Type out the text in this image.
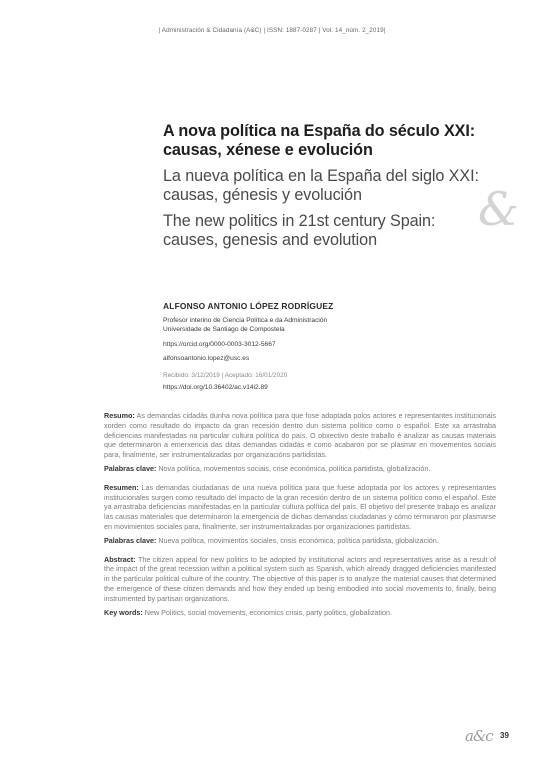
| Administración & Cidadanía (A&C) | ISSN: 1887-0287 | Vol. 14_núm. 2_2019|
A nova política na España do século XXI: causas, xénese e evolución
La nueva política en la España del siglo XXI: causas, génesis y evolución
The new politics in 21st century Spain: causes, genesis and evolution
&
ALFONSO ANTONIO LÓPEZ RODRÍGUEZ
Profesor interino de Ciencia Política e da Administración
Universidade de Santiago de Compostela
https://orcid.org/0000-0003-3012-5667
alfonsoantonio.lopez@usc.es
Recibido: 3/12/2019 | Aceptado: 16/01/2020
https://doi.org/10.36402/ac.v14i2.89

Resumo: As demandas cidadás dunha nova política para que fose adoptada polos actores e representantes institucionais xorden como resultado do impacto da gran recesión dentro dun sistema político como o español. Este xa arrastraba deficiencias manifestadas na particular cultura política do país. O obxectivo deste traballo é analizar as causas materiais que determinaron a emerxencia das ditas demandas cidadás e como acabaron por se plasmar en movementos sociais para, finalmente, ser instrumentalizadas por organizacións partidistas.

Palabras clave: Nova política, movementos sociais, crise económica, política partidista, globalización.

Resumen: Las demandas ciudadanas de una nueva política para que fuese adoptada por los actores y representantes institucionales surgen como resultado del impacto de la gran recesión dentro de un sistema político como el español. Este ya arrastraba deficiencias manifestadas en la particular cultura política del país. El objetivo del presente trabajo es analizar las causas materiales que determinaron la emergencia de dichas demandas ciudadanas y cómo terminaron por plasmarse en movimientos sociales para, finalmente, ser instrumentalizadas por organizaciones partidistas.

Palabras clave: Nueva política, movimientos sociales, crisis económica, política partidista, globalización.

Abstract: The citizen appeal for new politics to be adopted by institutional actors and representatives arise as a result of the impact of the great recession within a political system such as Spanish, which already dragged deficiencies manifested in the particular political culture of the country. The objective of this paper is to analyze the material causes that determined the emergence of these citizen demands and how they ended up being embodied into social movements to, finally, being instrumented by partisan organizations.

Key words: New Politics, social movements, economics crisis, party politics, globalization.

a&c 39
